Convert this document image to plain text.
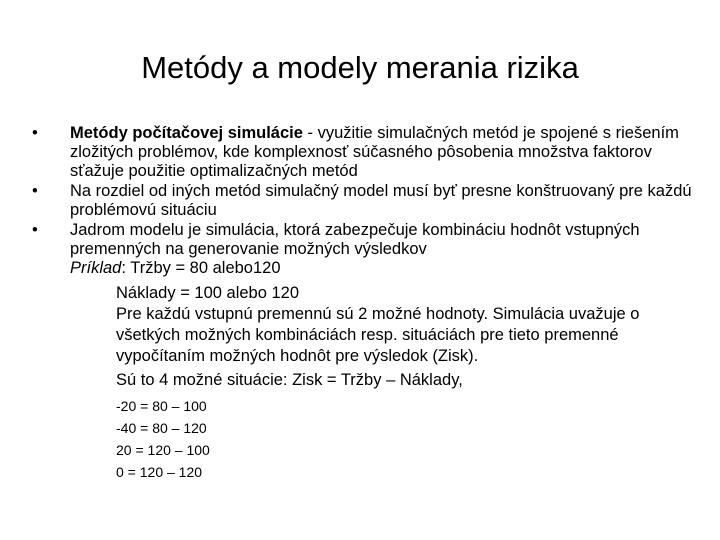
Metódy a modely merania rizika
•	Metódy počítačovej simulácie - využitie simulačných metód je spojené s riešením zložitých problémov, kde komplexnosť súčasného pôsobenia množstva faktorov sťažuje použitie optimalizačných metód
•	Na rozdiel od iných metód simulačný model musí byť presne konštruovaný pre každú problémovú situáciu
•	Jadrom modelu je simulácia, ktorá zabezpečuje kombináciu hodnôt vstupných premenných na generovanie možných výsledkov
Príklad: Tržby = 80 alebo120
Náklady = 100 alebo 120
Pre každú vstupnú premennú sú 2 možné hodnoty. Simulácia uvažuje o všetkých možných kombináciách resp. situáciách pre tieto premenné vypočítaním možných hodnôt pre výsledok (Zisk).
Sú to 4 možné situácie: Zisk = Tržby – Náklady,
-20 = 80 – 100
-40 = 80 – 120
20 = 120 – 100
0 = 120 – 120
